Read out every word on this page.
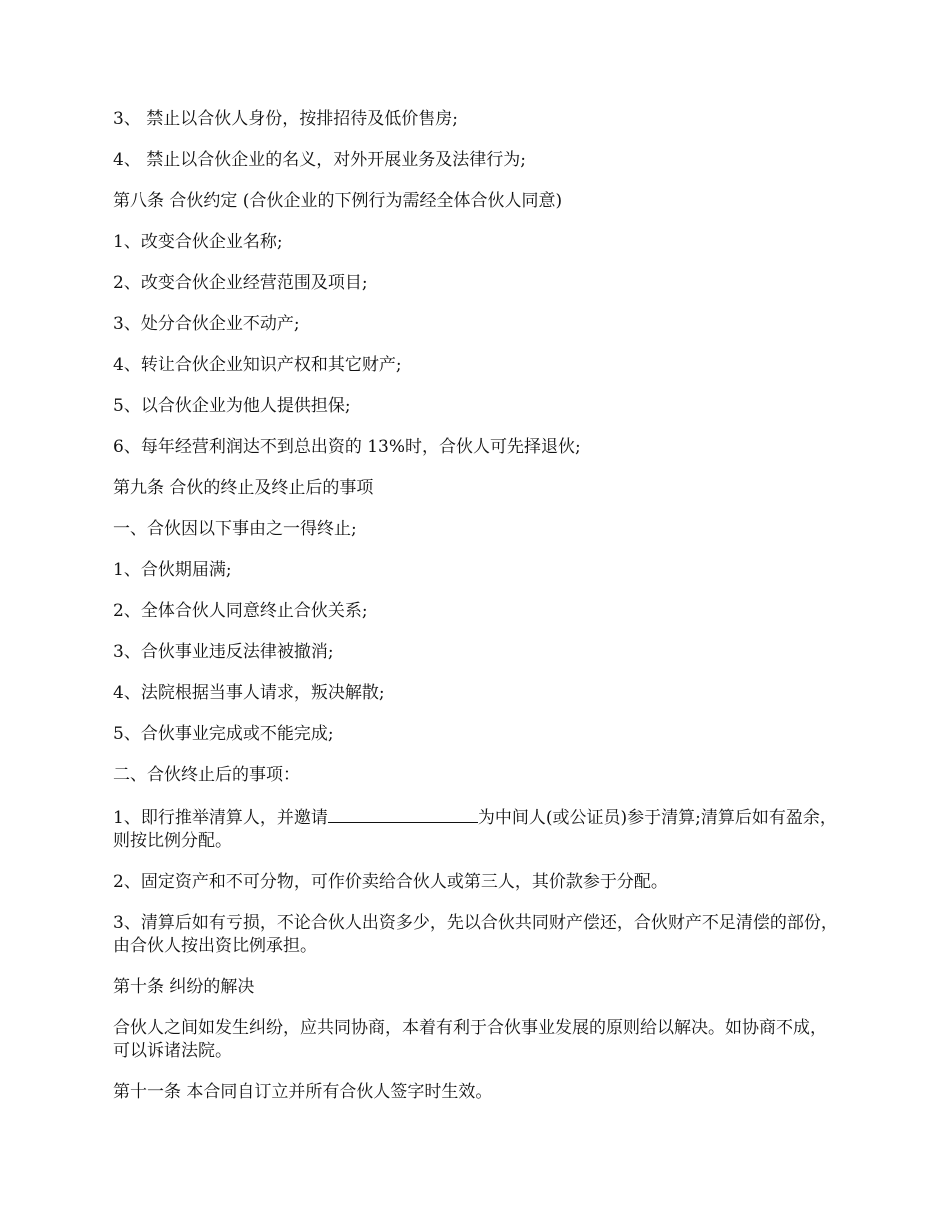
3、 禁止以合伙人身份，按排招待及低价售房;

4、 禁止以合伙企业的名义，对外开展业务及法律行为;

第八条 合伙约定 (合伙企业的下例行为需经全体合伙人同意)

1、改变合伙企业名称;

2、改变合伙企业经营范围及项目;

3、处分合伙企业不动产;

4、转让合伙企业知识产权和其它财产;

5、以合伙企业为他人提供担保;

6、每年经营利润达不到总出资的 13%时，合伙人可先择退伙;

第九条 合伙的终止及终止后的事项

一、合伙因以下事由之一得终止;

1、合伙期届满;

2、全体合伙人同意终止合伙关系;

3、合伙事业违反法律被撤消;

4、法院根据当事人请求，叛决解散;

5、合伙事业完成或不能完成;

二、合伙终止后的事项：

1、即行推举清算人，并邀请	为中间人(或公证员)参于清算;清算后如有盈余，则按比例分配。

2、固定资产和不可分物，可作价卖给合伙人或第三人，其价款参于分配。

3、清算后如有亏损，不论合伙人出资多少，先以合伙共同财产偿还，合伙财产不足清偿的部份，由合伙人按出资比例承担。

第十条 纠纷的解决

合伙人之间如发生纠纷，应共同协商，本着有利于合伙事业发展的原则给以解决。如协商不成，可以诉诸法院。

第十一条 本合同自订立并所有合伙人签字时生效。
